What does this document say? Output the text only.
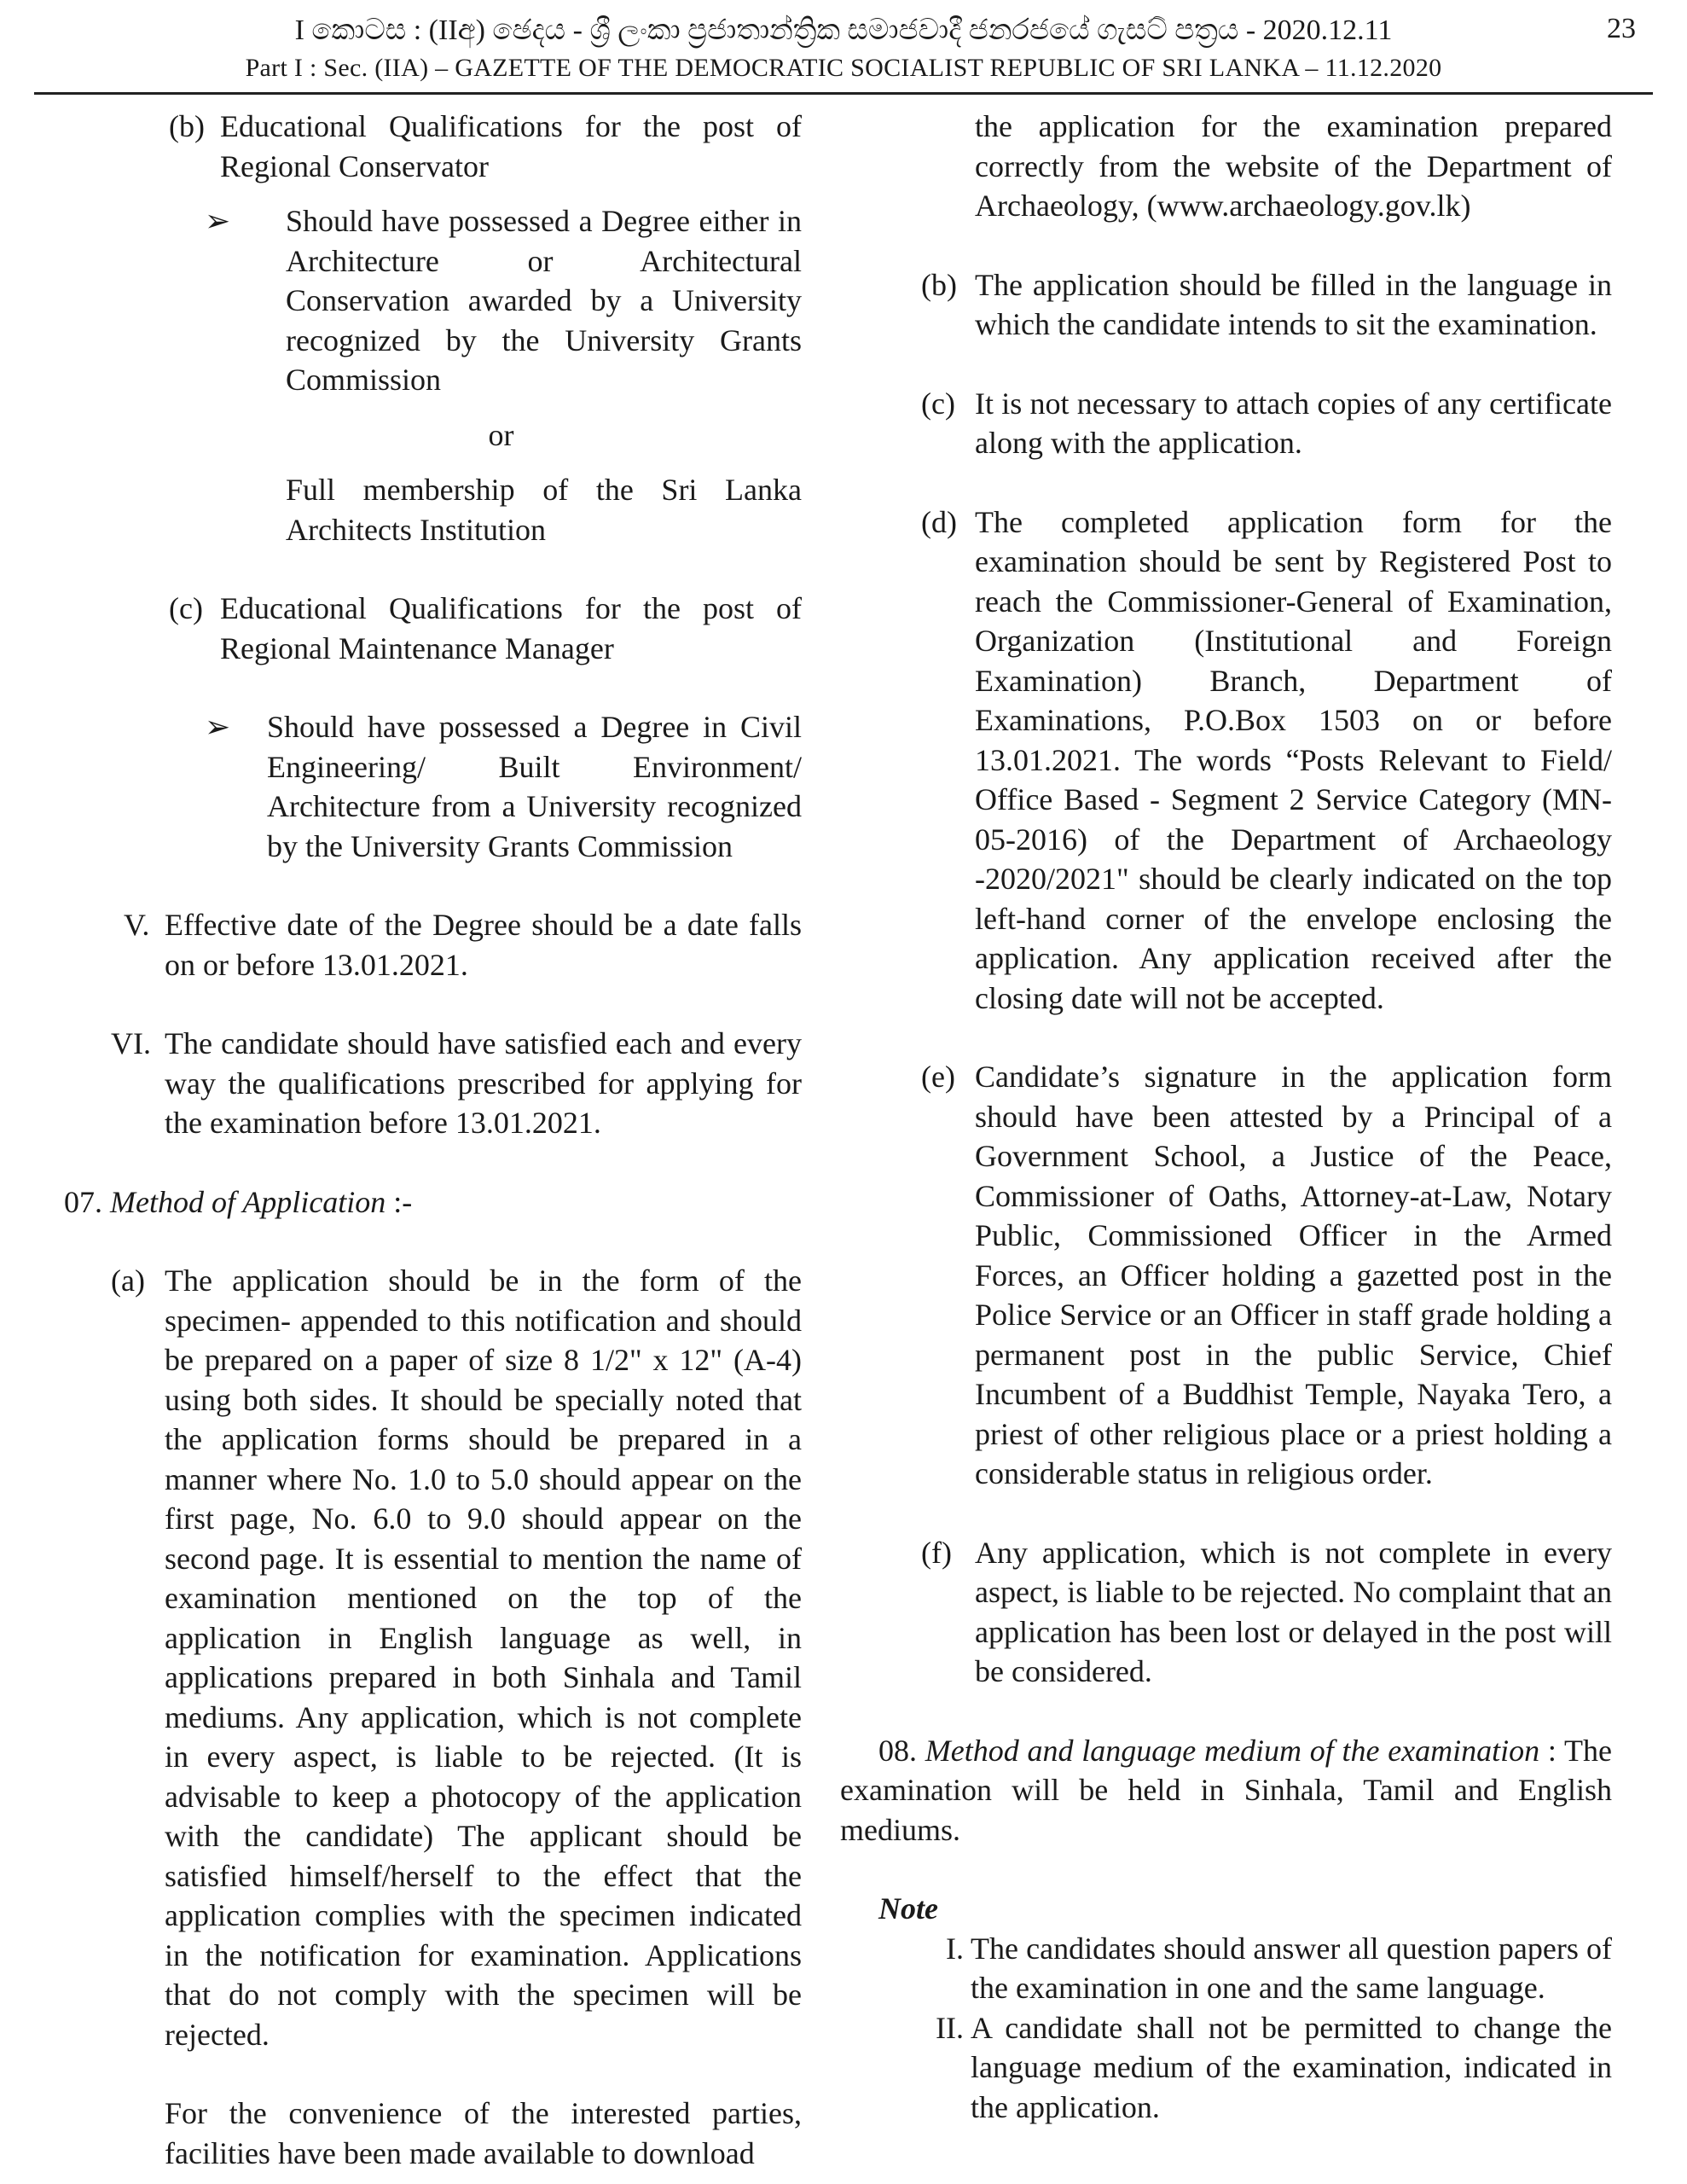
I කොටස : (IIඅ) ඡෙදය - ශ්‍රී ලංකා ප්‍රජාතාන්ත්‍රික සමාජවාදී ජනරජයේ ගැසට් පත්‍රය - 2020.12.11
Part I : Sec. (IIA) – GAZETTE OF THE DEMOCRATIC SOCIALIST REPUBLIC OF SRI LANKA – 11.12.2020
23
(b) Educational Qualifications for the post of Regional Conservator
➢	Should have possessed a Degree either in Architecture or Architectural Conservation awarded by a University recognized by the University Grants Commission
or
Full membership of the Sri Lanka Architects Institution
(c) Educational Qualifications for the post of Regional Maintenance Manager
➢	Should have possessed a Degree in Civil Engineering/ Built Environment/ Architecture from a University recognized by the University Grants Commission
V. Effective date of the Degree should be a date falls on or before 13.01.2021.
VI. The candidate should have satisfied each and every way the qualifications prescribed for applying for the examination before 13.01.2021.
07. Method of Application :-
(a) The application should be in the form of the specimen- appended to this notification and should be prepared on a paper of size 8 1/2" x 12" (A-4) using both sides. It should be specially noted that the application forms should be prepared in a manner where No. 1.0 to 5.0 should appear on the first page, No. 6.0 to 9.0 should appear on the second page. It is essential to mention the name of examination mentioned on the top of the application in English language as well, in applications prepared in both Sinhala and Tamil mediums. Any application, which is not complete in every aspect, is liable to be rejected. (It is advisable to keep a photocopy of the application with the candidate) The applicant should be satisfied himself/herself to the effect that the application complies with the specimen indicated in the notification for examination. Applications that do not comply with the specimen will be rejected.
For the convenience of the interested parties, facilities have been made available to download
the application for the examination prepared correctly from the website of the Department of Archaeology, (www.archaeology.gov.lk)
(b) The application should be filled in the language in which the candidate intends to sit the examination.
(c) It is not necessary to attach copies of any certificate along with the application.
(d) The completed application form for the examination should be sent by Registered Post to reach the Commissioner-General of Examination, Organization (Institutional and Foreign Examination) Branch, Department of Examinations, P.O.Box 1503 on or before 13.01.2021. The words “Posts Relevant to Field/ Office Based - Segment 2 Service Category (MN-05-2016) of the Department of Archaeology -2020/2021" should be clearly indicated on the top left-hand corner of the envelope enclosing the application. Any application received after the closing date will not be accepted.
(e) Candidate’s signature in the application form should have been attested by a Principal of a Government School, a Justice of the Peace, Commissioner of Oaths, Attorney-at-Law, Notary Public, Commissioned Officer in the Armed Forces, an Officer holding a gazetted post in the Police Service or an Officer in staff grade holding a permanent post in the public Service, Chief Incumbent of a Buddhist Temple, Nayaka Tero, a priest of other religious place or a priest holding a considerable status in religious order.
(f) Any application, which is not complete in every aspect, is liable to be rejected. No complaint that an application has been lost or delayed in the post will be considered.
08. Method and language medium of the examination : The examination will be held in Sinhala, Tamil and English mediums.
Note
I. The candidates should answer all question papers of the examination in one and the same language.
II. A candidate shall not be permitted to change the language medium of the examination, indicated in the application.
